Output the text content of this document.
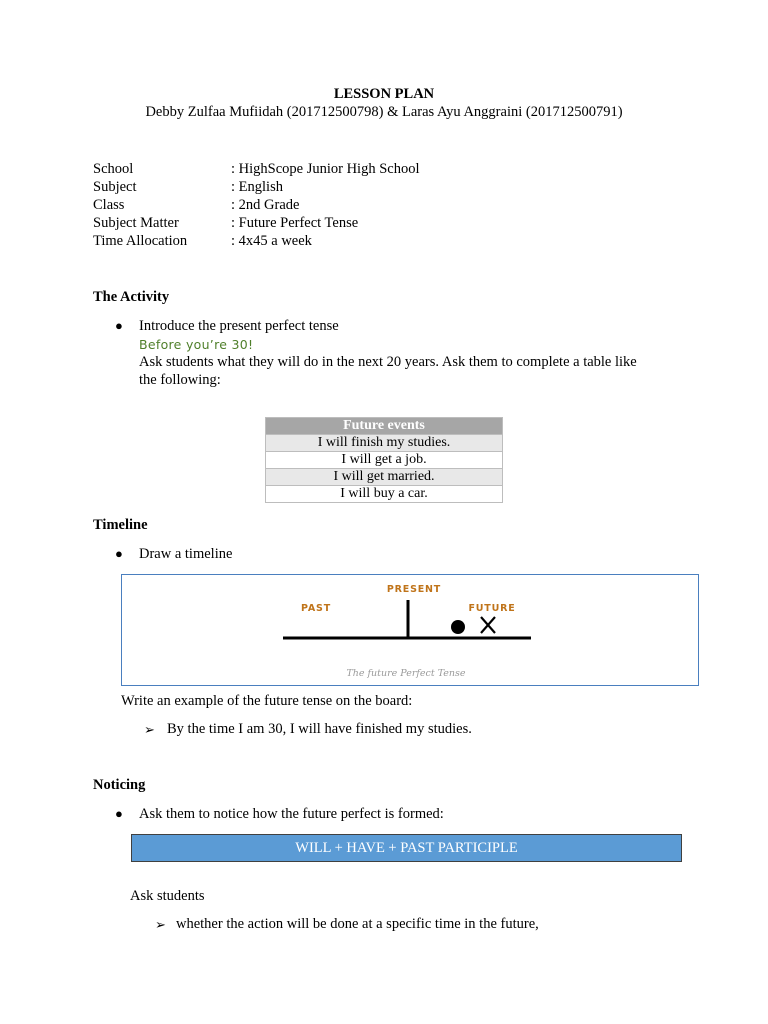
LESSON PLAN
Debby Zulfaa Mufiidah (201712500798) & Laras Ayu Anggraini (201712500791)
School	: HighScope Junior High School
Subject	: English
Class	: 2nd Grade
Subject Matter	: Future Perfect Tense
Time Allocation	: 4x45 a week
The Activity
● Introduce the present perfect tense
Before you’re 30!
Ask students what they will do in the next 20 years. Ask them to complete a table like
the following:
Future events
I will finish my studies.
I will get a job.
I will get married.
I will buy a car.
Timeline
● Draw a timeline
PRESENT
PAST	FUTURE
The future Perfect Tense
Write an example of the future tense on the board:
➢ By the time I am 30, I will have finished my studies.
Noticing
● Ask them to notice how the future perfect is formed:
WILL + HAVE + PAST PARTICIPLE
Ask students
➢ whether the action will be done at a specific time in the future,
